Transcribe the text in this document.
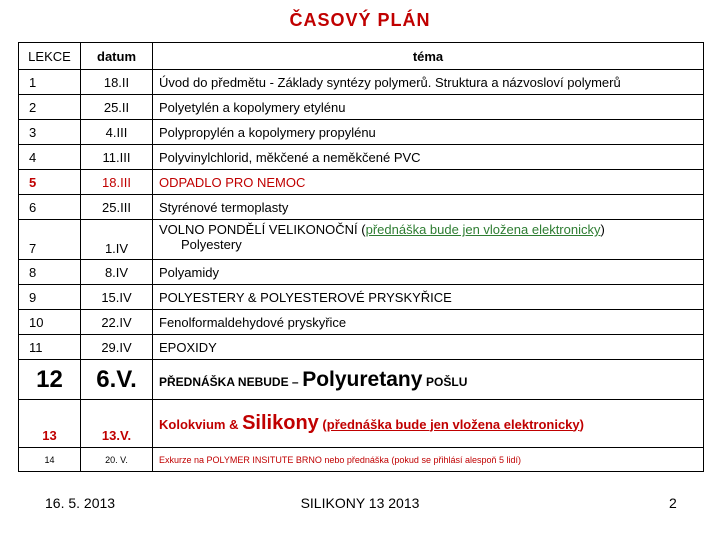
ČASOVÝ PLÁN
LEKCE	datum	téma
1	18.II	Úvod do předmětu - Základy syntézy polymerů. Struktura a názvosloví polymerů
2	25.II	Polyetylén a kopolymery etylénu
3	4.III	Polypropylén a kopolymery propylénu
4	11.III	Polyvinylchlorid, měkčené a neměkčené PVC
5	18.III	ODPADLO PRO NEMOC
6	25.III	Styrénové termoplasty
7	1.IV	VOLNO PONDĚLÍ VELIKONOČNÍ (přednáška bude jen vložena elektronicky)
Polyestery
8	8.IV	Polyamidy
9	15.IV	POLYESTERY & POLYESTEROVÉ PRYSKYŘICE
10	22.IV	Fenolformaldehydové pryskyřice
11	29.IV	EPOXIDY
12	6.V.	PŘEDNÁŠKA NEBUDE – Polyuretany POŠLU
13	13.V.	Kolokvium & Silikony (přednáška bude jen vložena elektronicky)
14	20. V.	Exkurze na POLYMER INSITUTE BRNO nebo přednáška (pokud se přihlásí alespoň 5 lidí)
16. 5. 2013	SILIKONY 13 2013	2
